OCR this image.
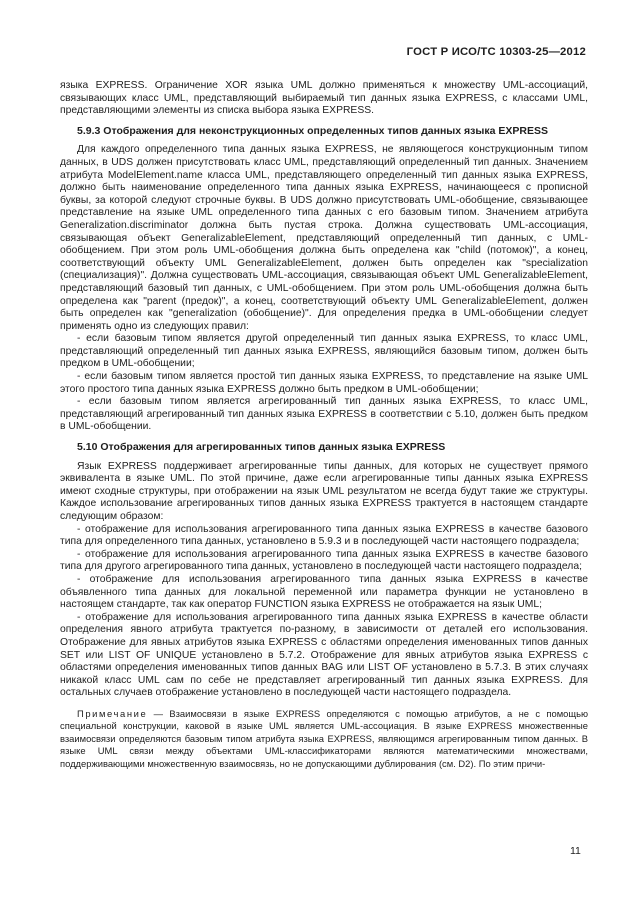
ГОСТ Р ИСО/ТС 10303-25—2012

языка EXPRESS. Ограничение XOR языка UML должно применяться к множеству UML-ассоциаций, связывающих класс UML, представляющий выбираемый тип данных языка EXPRESS, с классами UML, представляющими элементы из списка выбора языка EXPRESS.

5.9.3 Отображения для неконструкционных определенных типов данных языка EXPRESS

Для каждого определенного типа данных языка EXPRESS, не являющегося конструкционным типом данных, в UDS должен присутствовать класс UML, представляющий определенный тип данных. Значением атрибута ModelElement.name класса UML, представляющего определенный тип данных языка EXPRESS, должно быть наименование определенного типа данных языка EXPRESS, начинающееся с прописной буквы, за которой следуют строчные буквы. В UDS должно присутствовать UML-обобщение, связывающее представление на языке UML определенного типа данных с его базовым типом. Значением атрибута Generalization.discriminator должна быть пустая строка. Должна существовать UML-ассоциация, связывающая объект GeneralizableElement, представляющий определенный тип данных, с UML-обобщением. При этом роль UML-обобщения должна быть определена как "child (потомок)", а конец, соответствующий объекту UML GeneralizableElement, должен быть определен как "specialization (специализация)". Должна существовать UML-ассоциация, связывающая объект UML GeneralizableElement, представляющий базовый тип данных, с UML-обобщением. При этом роль UML-обобщения должна быть определена как "parent (предок)", а конец, соответствующий объекту UML GeneralizableElement, должен быть определен как "generalization (обобщение)". Для определения предка в UML-обобщении следует применять одно из следующих правил:

- если базовым типом является другой определенный тип данных языка EXPRESS, то класс UML, представляющий определенный тип данных языка EXPRESS, являющийся базовым типом, должен быть предком в UML-обобщении;

- если базовым типом является простой тип данных языка EXPRESS, то представление на языке UML этого простого типа данных языка EXPRESS должно быть предком в UML-обобщении;

- если базовым типом является агрегированный тип данных языка EXPRESS, то класс UML, представляющий агрегированный тип данных языка EXPRESS в соответствии с 5.10, должен быть предком в UML-обобщении.

5.10 Отображения для агрегированных типов данных языка EXPRESS

Язык EXPRESS поддерживает агрегированные типы данных, для которых не существует прямого эквивалента в языке UML. По этой причине, даже если агрегированные типы данных языка EXPRESS имеют сходные структуры, при отображении на язык UML результатом не всегда будут такие же структуры. Каждое использование агрегированных типов данных языка EXPRESS трактуется в настоящем стандарте следующим образом:

- отображение для использования агрегированного типа данных языка EXPRESS в качестве базового типа для определенного типа данных, установлено в 5.9.3 и в последующей части настоящего подраздела;

- отображение для использования агрегированного типа данных языка EXPRESS в качестве базового типа для другого агрегированного типа данных, установлено в последующей части настоящего подраздела;

- отображение для использования агрегированного типа данных языка EXPRESS в качестве объявленного типа данных для локальной переменной или параметра функции не установлено в настоящем стандарте, так как оператор FUNCTION языка EXPRESS не отображается на язык UML;

- отображение для использования агрегированного типа данных языка EXPRESS в качестве области определения явного атрибута трактуется по-разному, в зависимости от деталей его использования. Отображение для явных атрибутов языка EXPRESS с областями определения именованных типов данных SET или LIST OF UNIQUE установлено в 5.7.2. Отображение для явных атрибутов языка EXPRESS с областями определения именованных типов данных BAG или LIST OF установлено в 5.7.3. В этих случаях никакой класс UML сам по себе не представляет агрегированный тип данных языка EXPRESS. Для остальных случаев отображение установлено в последующей части настоящего подраздела.

Примечание — Взаимосвязи в языке EXPRESS определяются с помощью атрибутов, а не с помощью специальной конструкции, каковой в языке UML является UML-ассоциация. В языке EXPRESS множественные взаимосвязи определяются базовым типом атрибута языка EXPRESS, являющимся агрегированным типом данных. В языке UML связи между объектами UML-классификаторами являются математическими множествами, поддерживающими множественную взаимосвязь, но не допускающими дублирования (см. D2). По этим причи-

11
